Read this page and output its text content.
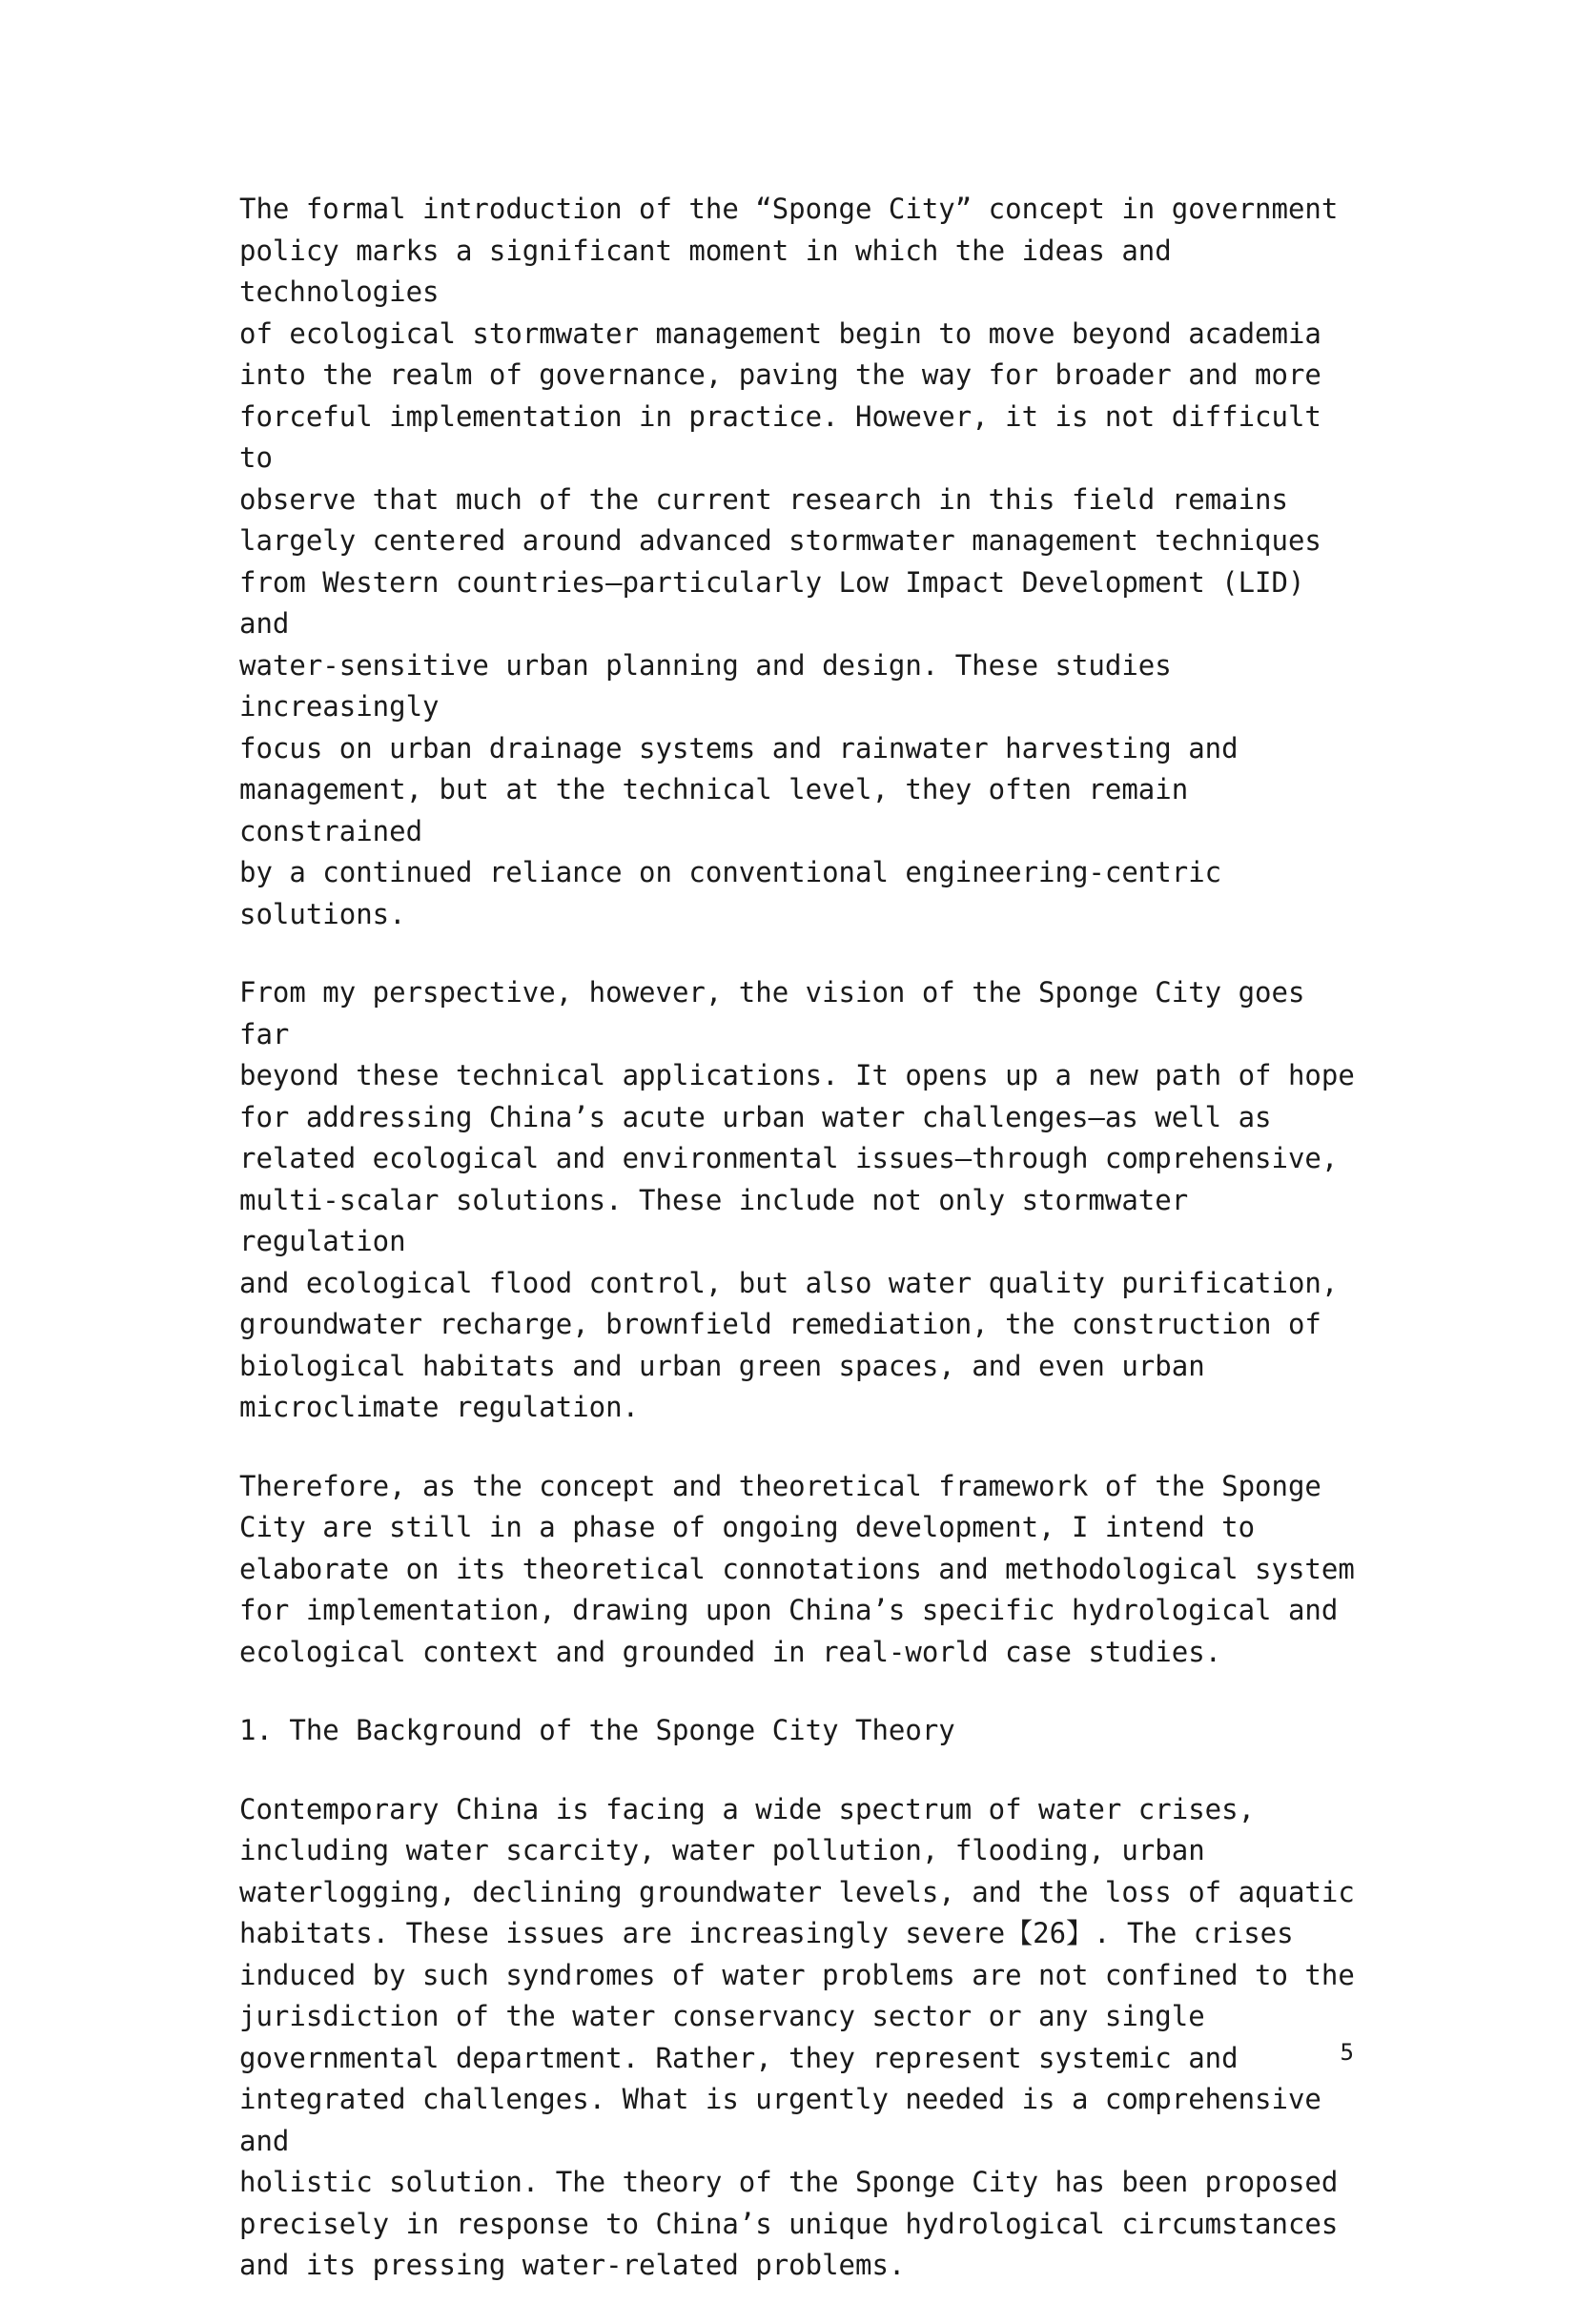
The formal introduction of the “Sponge City” concept in government
policy marks a significant moment in which the ideas and technologies
of ecological stormwater management begin to move beyond academia
into the realm of governance, paving the way for broader and more
forceful implementation in practice. However, it is not difficult to
observe that much of the current research in this field remains
largely centered around advanced stormwater management techniques
from Western countries—particularly Low Impact Development (LID) and
water-sensitive urban planning and design. These studies increasingly
focus on urban drainage systems and rainwater harvesting and
management, but at the technical level, they often remain constrained
by a continued reliance on conventional engineering-centric
solutions.

From my perspective, however, the vision of the Sponge City goes far
beyond these technical applications. It opens up a new path of hope
for addressing China’s acute urban water challenges—as well as
related ecological and environmental issues—through comprehensive,
multi-scalar solutions. These include not only stormwater regulation
and ecological flood control, but also water quality purification,
groundwater recharge, brownfield remediation, the construction of
biological habitats and urban green spaces, and even urban
microclimate regulation.

Therefore, as the concept and theoretical framework of the Sponge
City are still in a phase of ongoing development, I intend to
elaborate on its theoretical connotations and methodological system
for implementation, drawing upon China’s specific hydrological and
ecological context and grounded in real-world case studies.

1. The Background of the Sponge City Theory

Contemporary China is facing a wide spectrum of water crises,
including water scarcity, water pollution, flooding, urban
waterlogging, declining groundwater levels, and the loss of aquatic
habitats. These issues are increasingly severe【26】. The crises
induced by such syndromes of water problems are not confined to the
jurisdiction of the water conservancy sector or any single
governmental department. Rather, they represent systemic and
integrated challenges. What is urgently needed is a comprehensive and
holistic solution. The theory of the Sponge City has been proposed
precisely in response to China’s unique hydrological circumstances
and its pressing water-related problems.

5
